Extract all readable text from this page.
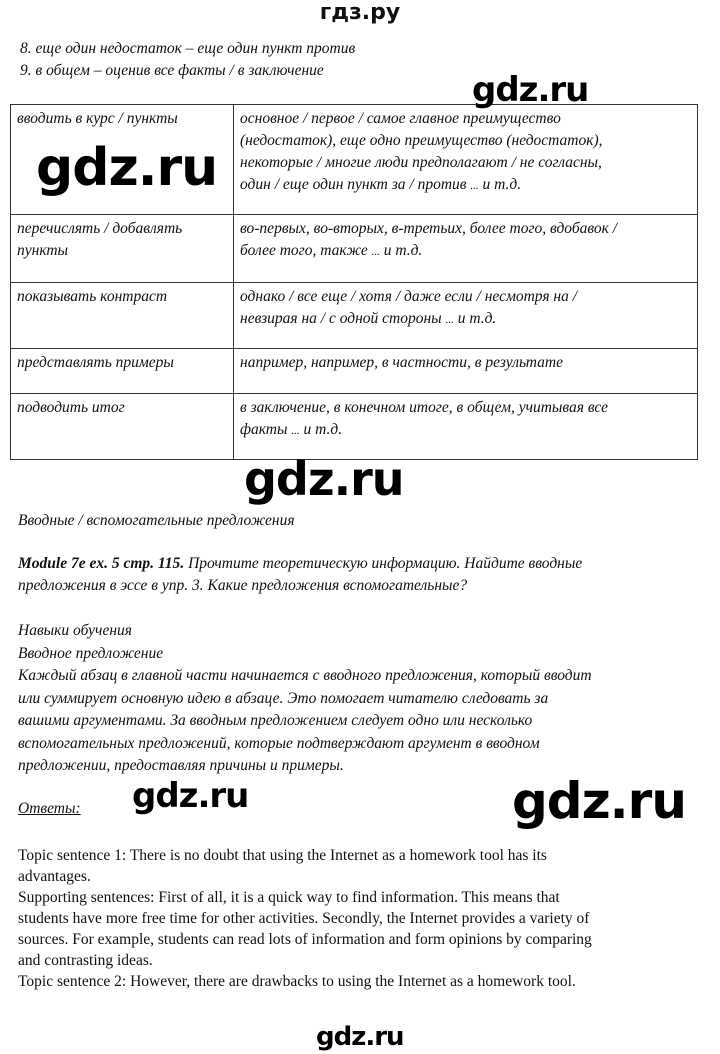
гдз.ру
8. еще один недостаток – еще один пункт против
9. в общем – оценив все факты / в заключение
вводить в курс / пункты	основное / первое / самое главное преимущество
(недостаток), еще одно преимущество (недостаток),
некоторые / многие люди предполагают / не согласны,
один / еще один пункт за / против ... и т.д.
перечислять / добавлять
пункты	во-первых, во-вторых, в-третьих, более того, вдобавок /
более того, также ... и т.д.
показывать контраст	однако / все еще / хотя / даже если / несмотря на /
невзирая на / с одной стороны ... и т.д.
представлять примеры	например, например, в частности, в результате
подводить итог	в заключение, в конечном итоге, в общем, учитывая все
факты ... и т.д.
Вводные / вспомогательные предложения
Module 7e ex. 5 стр. 115. Прочтите теоретическую информацию. Найдите вводные
предложения в эссе в упр. 3. Какие предложения вспомогательные?
Навыки обучения
Вводное предложение
Каждый абзац в главной части начинается с вводного предложения, который вводит
или суммирует основную идею в абзаце. Это помогает читателю следовать за
вашими аргументами. За вводным предложением следует одно или несколько
вспомогательных предложений, которые подтверждают аргумент в вводном
предложении, предоставляя причины и примеры.
Ответы:
Topic sentence 1: There is no doubt that using the Internet as a homework tool has its
advantages.
Supporting sentences: First of all, it is a quick way to find information. This means that
students have more free time for other activities. Secondly, the Internet provides a variety of
sources. For example, students can read lots of information and form opinions by comparing
and contrasting ideas.
Topic sentence 2: However, there are drawbacks to using the Internet as a homework tool.
gdz.ru
gdz.ru
gdz.ru
gdz.ru	gdz.ru
gdz.ru
